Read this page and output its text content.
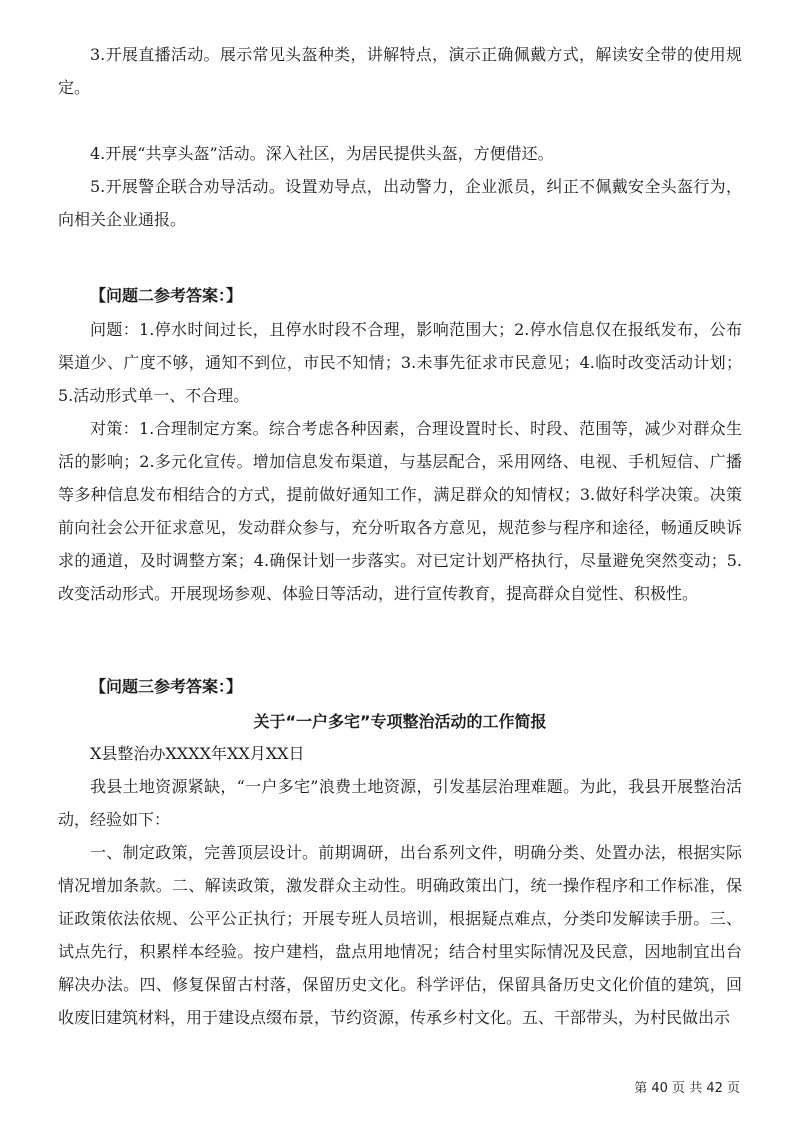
3.开展直播活动。展示常见头盔种类，讲解特点，演示正确佩戴方式，解读安全带的使用规定。

4.开展“共享头盔”活动。深入社区，为居民提供头盔，方便借还。

5.开展警企联合劝导活动。设置劝导点，出动警力，企业派员，纠正不佩戴安全头盔行为，向相关企业通报。

【问题二参考答案：】

问题：1.停水时间过长，且停水时段不合理，影响范围大；2.停水信息仅在报纸发布，公布渠道少、广度不够，通知不到位，市民不知情；3.未事先征求市民意见；4.临时改变活动计划；5.活动形式单一、不合理。

对策：1.合理制定方案。综合考虑各种因素，合理设置时长、时段、范围等，减少对群众生活的影响；2.多元化宣传。增加信息发布渠道，与基层配合，采用网络、电视、手机短信、广播等多种信息发布相结合的方式，提前做好通知工作，满足群众的知情权；3.做好科学决策。决策前向社会公开征求意见，发动群众参与，充分听取各方意见，规范参与程序和途径，畅通反映诉求的通道，及时调整方案；4.确保计划一步落实。对已定计划严格执行，尽量避免突然变动；5.改变活动形式。开展现场参观、体验日等活动，进行宣传教育，提高群众自觉性、积极性。

【问题三参考答案：】

关于“一户多宅”专项整治活动的工作简报

X县整治办XXXX年XX月XX日

我县土地资源紧缺，“一户多宅”浪费土地资源，引发基层治理难题。为此，我县开展整治活动，经验如下：

一、制定政策，完善顶层设计。前期调研，出台系列文件，明确分类、处置办法，根据实际情况增加条款。二、解读政策，激发群众主动性。明确政策出门，统一操作程序和工作标准，保证政策依法依规、公平公正执行；开展专班人员培训，根据疑点难点，分类印发解读手册。三、试点先行，积累样本经验。按户建档，盘点用地情况；结合村里实际情况及民意，因地制宜出台解决办法。四、修复保留古村落，保留历史文化。科学评估，保留具备历史文化价值的建筑，回收废旧建筑材料，用于建设点缀布景，节约资源，传承乡村文化。五、干部带头，为村民做出示

第 40 页 共 42 页
